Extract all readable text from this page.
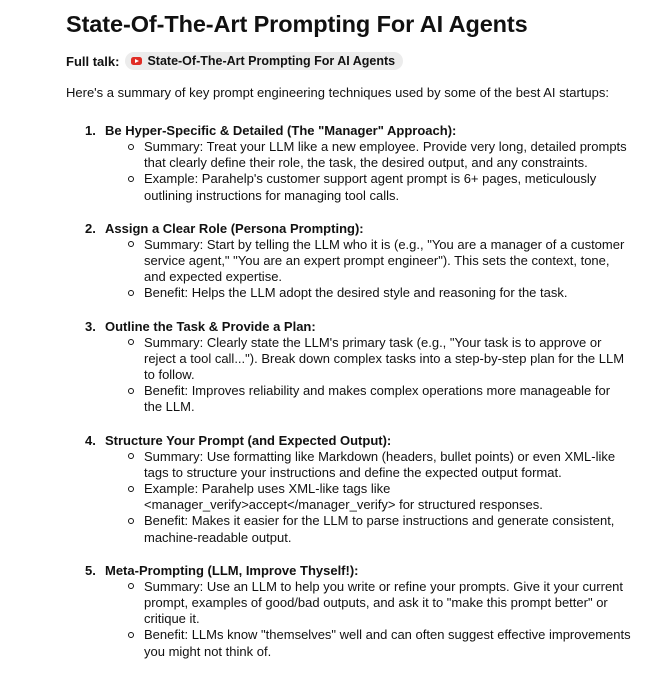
State-Of-The-Art Prompting For AI Agents
Full talk: State-Of-The-Art Prompting For AI Agents

Here's a summary of key prompt engineering techniques used by some of the best AI startups:

1. Be Hyper-Specific & Detailed (The "Manager" Approach):
Summary: Treat your LLM like a new employee. Provide very long, detailed prompts that clearly define their role, the task, the desired output, and any constraints.
Example: Parahelp's customer support agent prompt is 6+ pages, meticulously outlining instructions for managing tool calls.
2. Assign a Clear Role (Persona Prompting):
Summary: Start by telling the LLM who it is (e.g., "You are a manager of a customer service agent," "You are an expert prompt engineer"). This sets the context, tone, and expected expertise.
Benefit: Helps the LLM adopt the desired style and reasoning for the task.
3. Outline the Task & Provide a Plan:
Summary: Clearly state the LLM's primary task (e.g., "Your task is to approve or reject a tool call..."). Break down complex tasks into a step-by-step plan for the LLM to follow.
Benefit: Improves reliability and makes complex operations more manageable for the LLM.
4. Structure Your Prompt (and Expected Output):
Summary: Use formatting like Markdown (headers, bullet points) or even XML-like tags to structure your instructions and define the expected output format.
Example: Parahelp uses XML-like tags like <manager_verify>accept</manager_verify> for structured responses.
Benefit: Makes it easier for the LLM to parse instructions and generate consistent, machine-readable output.
5. Meta-Prompting (LLM, Improve Thyself!):
Summary: Use an LLM to help you write or refine your prompts. Give it your current prompt, examples of good/bad outputs, and ask it to "make this prompt better" or critique it.
Benefit: LLMs know "themselves" well and can often suggest effective improvements you might not think of.
